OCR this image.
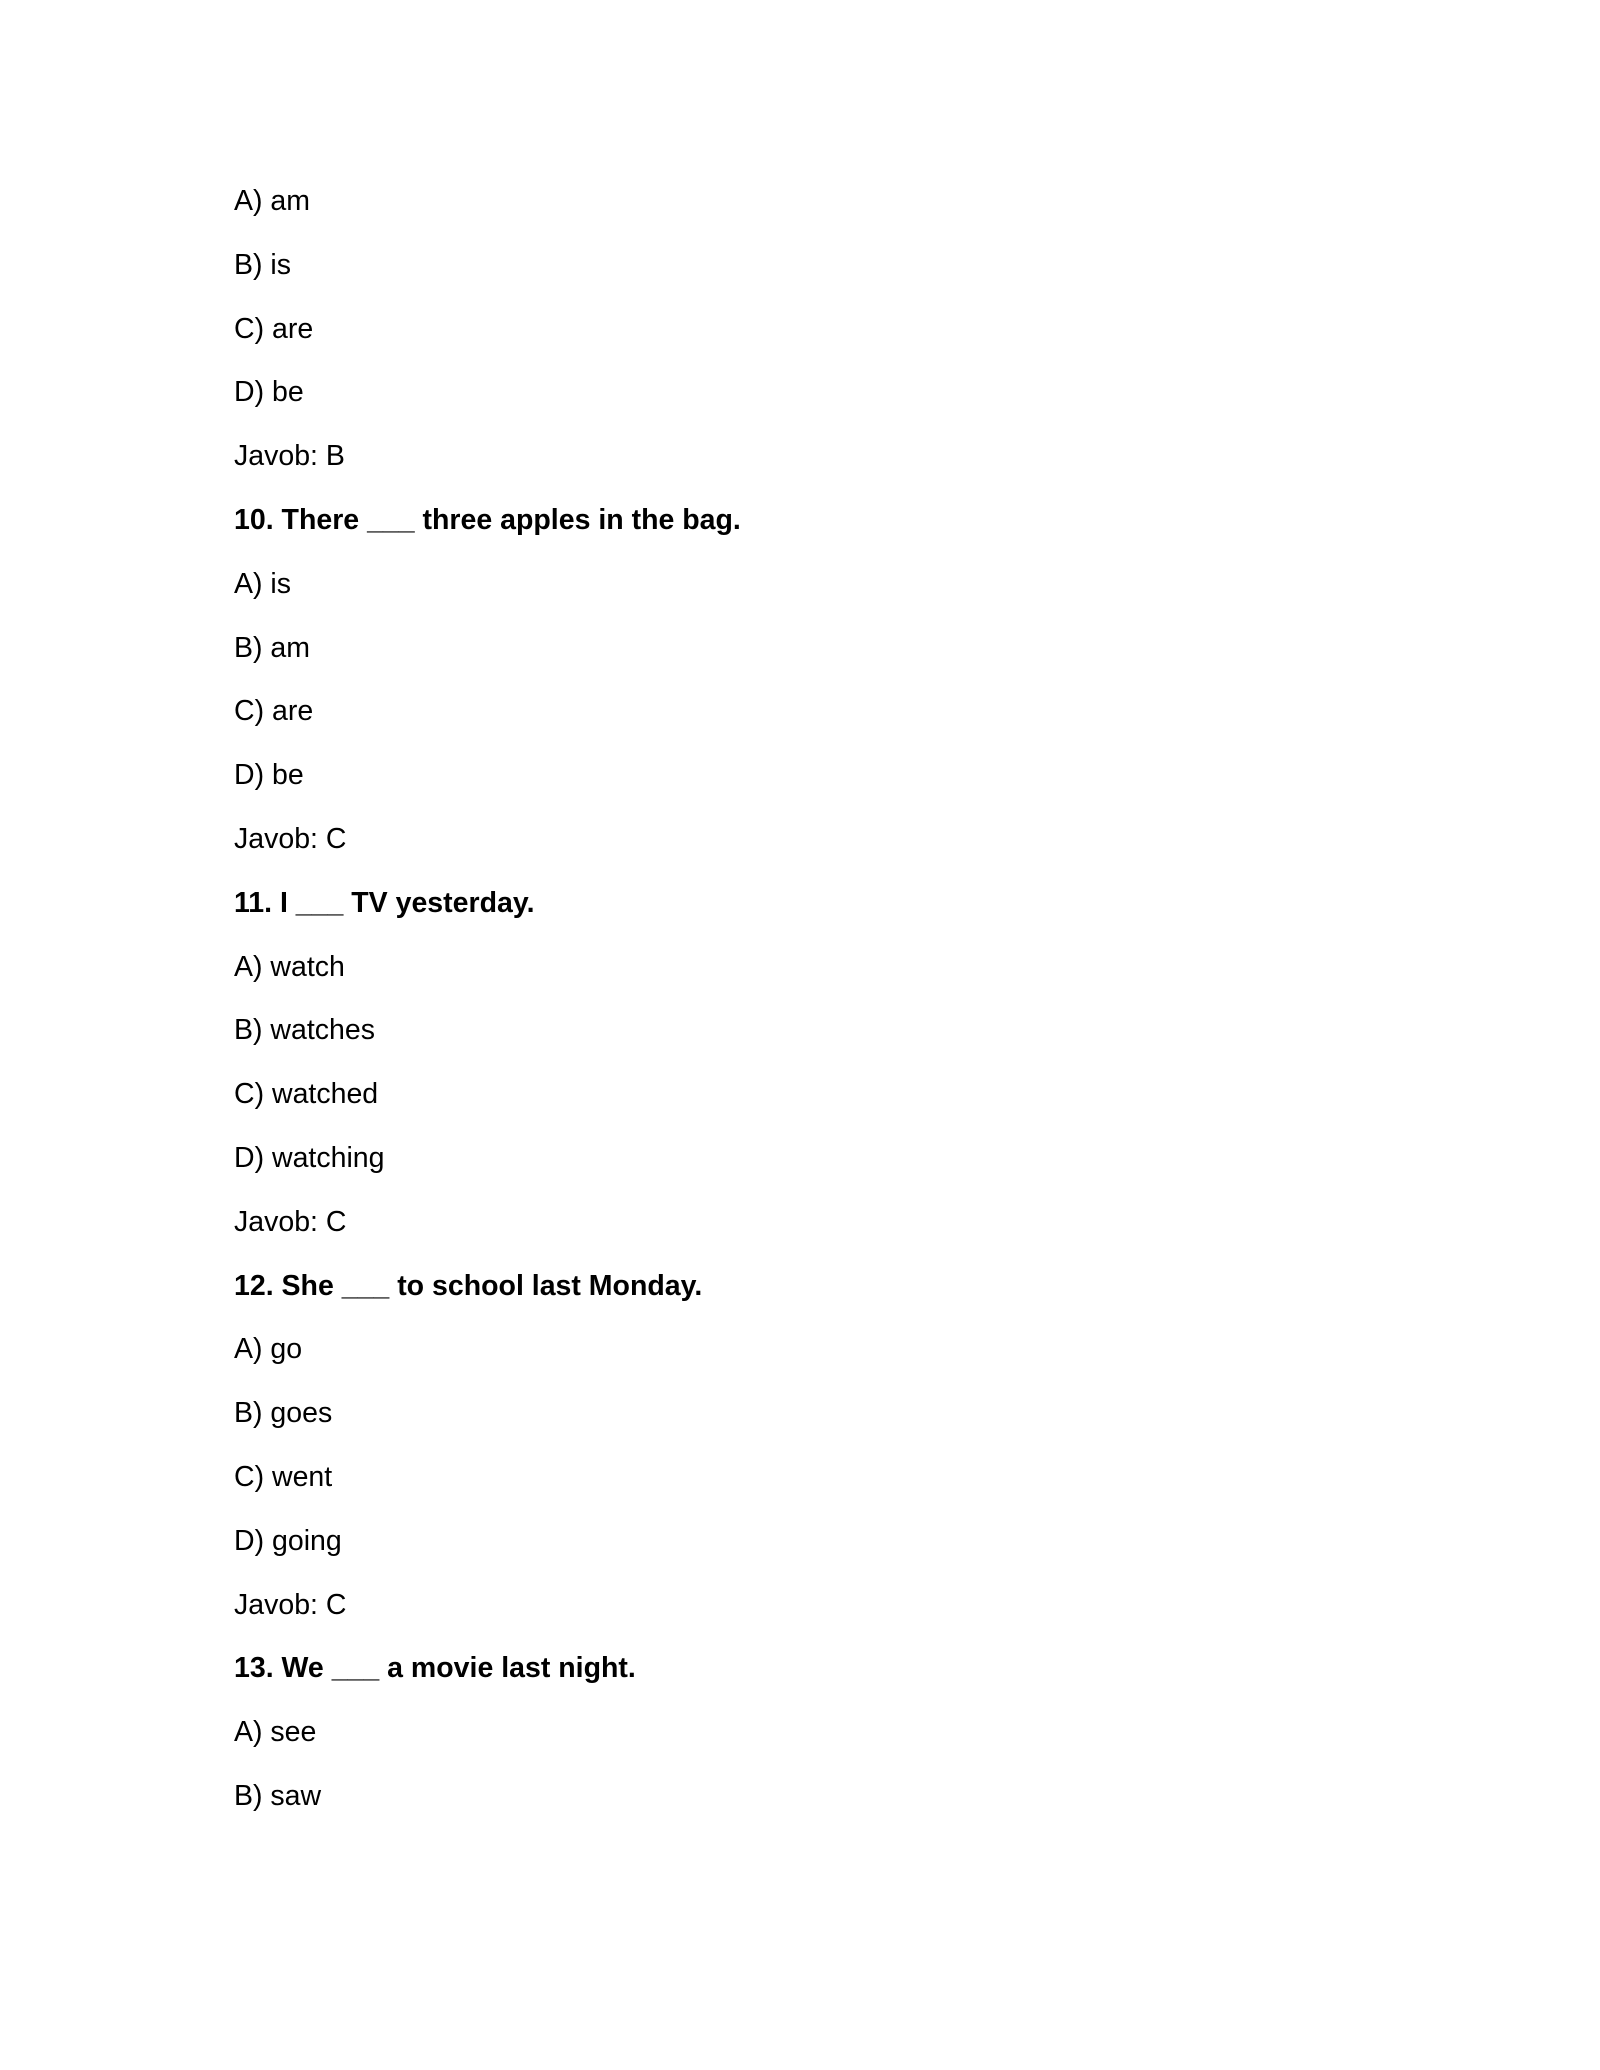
A) am
B) is
C) are
D) be
Javob: B
10. There ___ three apples in the bag.
A) is
B) am
C) are
D) be
Javob: C
11. I ___ TV yesterday.
A) watch
B) watches
C) watched
D) watching
Javob: C
12. She ___ to school last Monday.
A) go
B) goes
C) went
D) going
Javob: C
13. We ___ a movie last night.
A) see
B) saw
